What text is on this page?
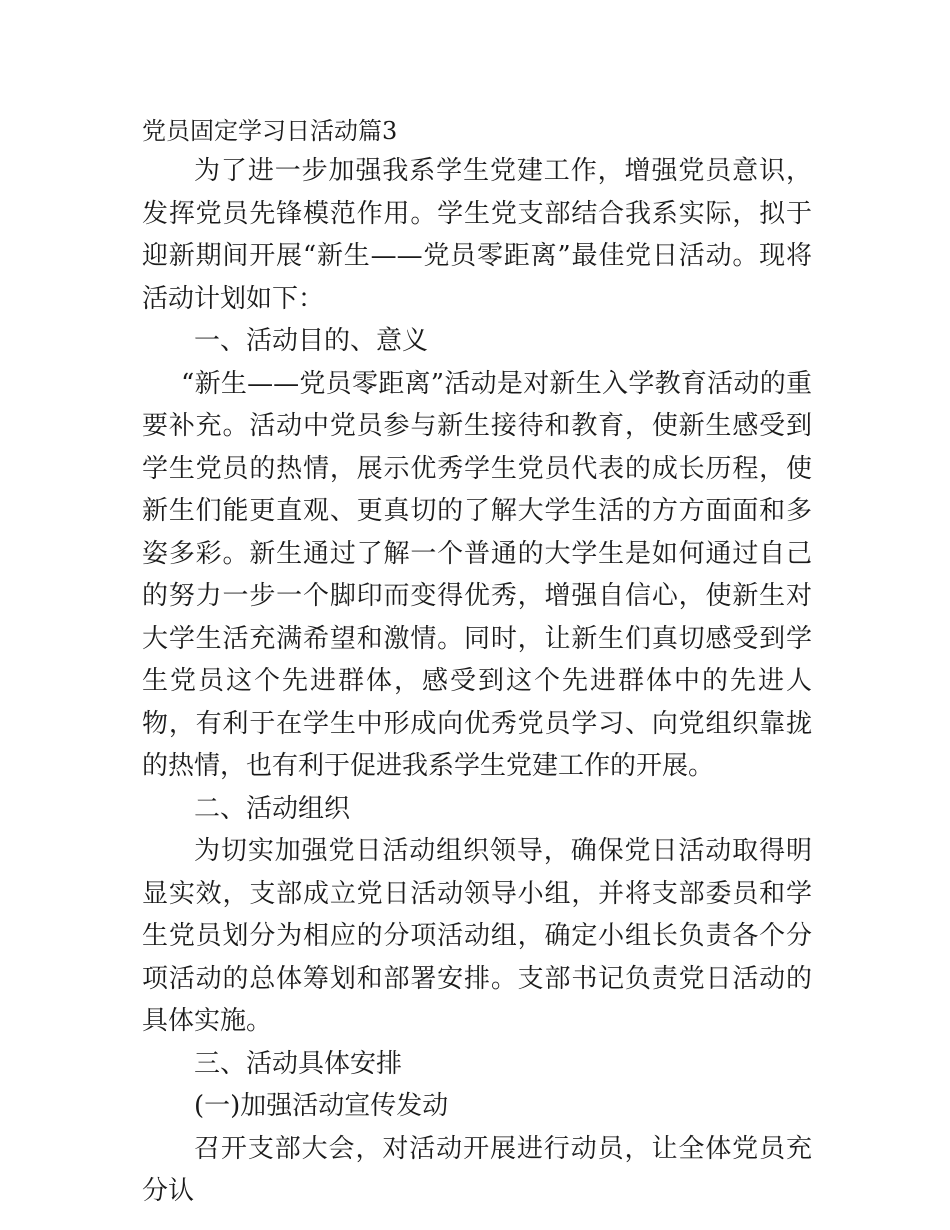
党员固定学习日活动篇3

为了进一步加强我系学生党建工作，增强党员意识，发挥党员先锋模范作用。学生党支部结合我系实际，拟于迎新期间开展“新生——党员零距离”最佳党日活动。现将活动计划如下：

一、活动目的、意义

“新生——党员零距离”活动是对新生入学教育活动的重要补充。活动中党员参与新生接待和教育，使新生感受到学生党员的热情，展示优秀学生党员代表的成长历程，使新生们能更直观、更真切的了解大学生活的方方面面和多姿多彩。新生通过了解一个普通的大学生是如何通过自己的努力一步一个脚印而变得优秀，增强自信心，使新生对大学生活充满希望和激情。同时，让新生们真切感受到学生党员这个先进群体，感受到这个先进群体中的先进人物，有利于在学生中形成向优秀党员学习、向党组织靠拢的热情，也有利于促进我系学生党建工作的开展。

二、活动组织

为切实加强党日活动组织领导，确保党日活动取得明显实效，支部成立党日活动领导小组，并将支部委员和学生党员划分为相应的分项活动组，确定小组长负责各个分项活动的总体筹划和部署安排。支部书记负责党日活动的具体实施。

三、活动具体安排

(一)加强活动宣传发动

召开支部大会，对活动开展进行动员，让全体党员充分认
